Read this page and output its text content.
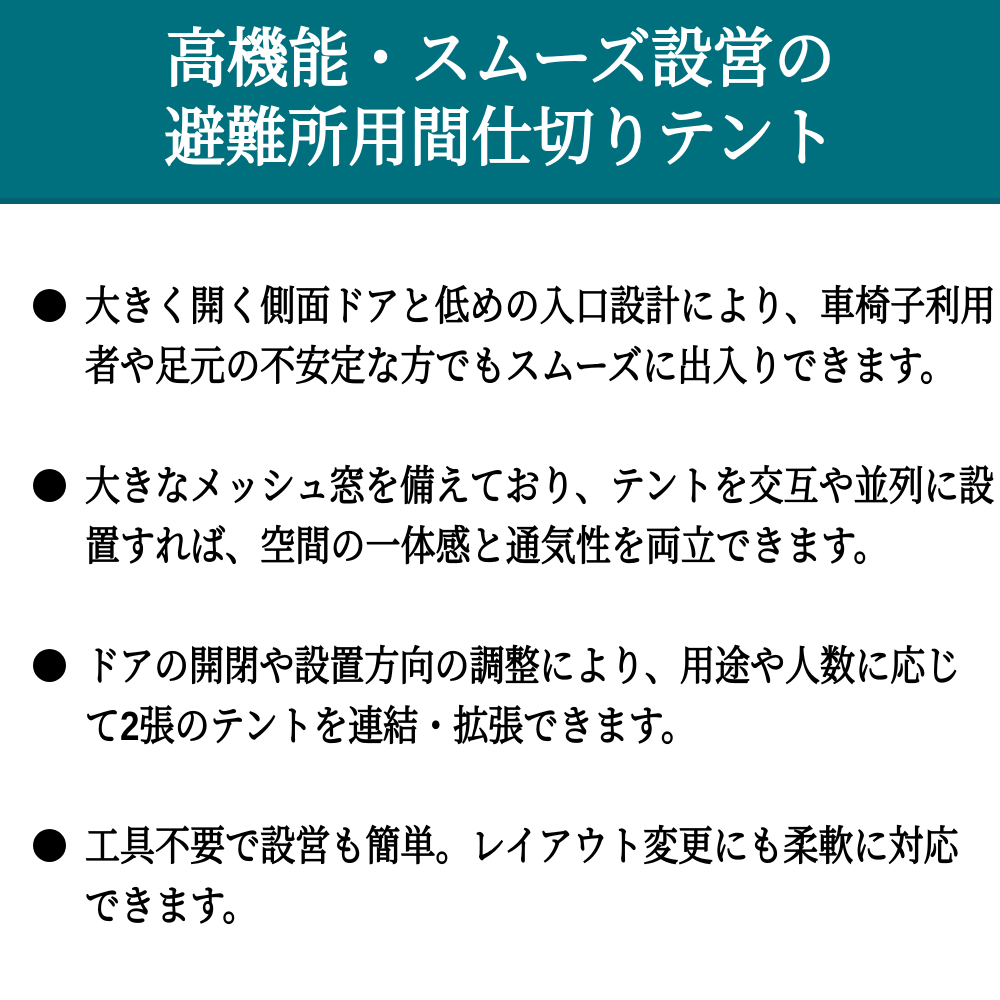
高機能・スムーズ設営の
避難所用間仕切りテント

大きく開く側面ドアと低めの入口設計により、車椅子利用
者や足元の不安定な方でもスムーズに出入りできます。

大きなメッシュ窓を備えており、テントを交互や並列に設
置すれば、空間の一体感と通気性を両立できます。

ドアの開閉や設置方向の調整により、用途や人数に応じ
て2張のテントを連結・拡張できます。

工具不要で設営も簡単。レイアウト変更にも柔軟に対応
できます。
